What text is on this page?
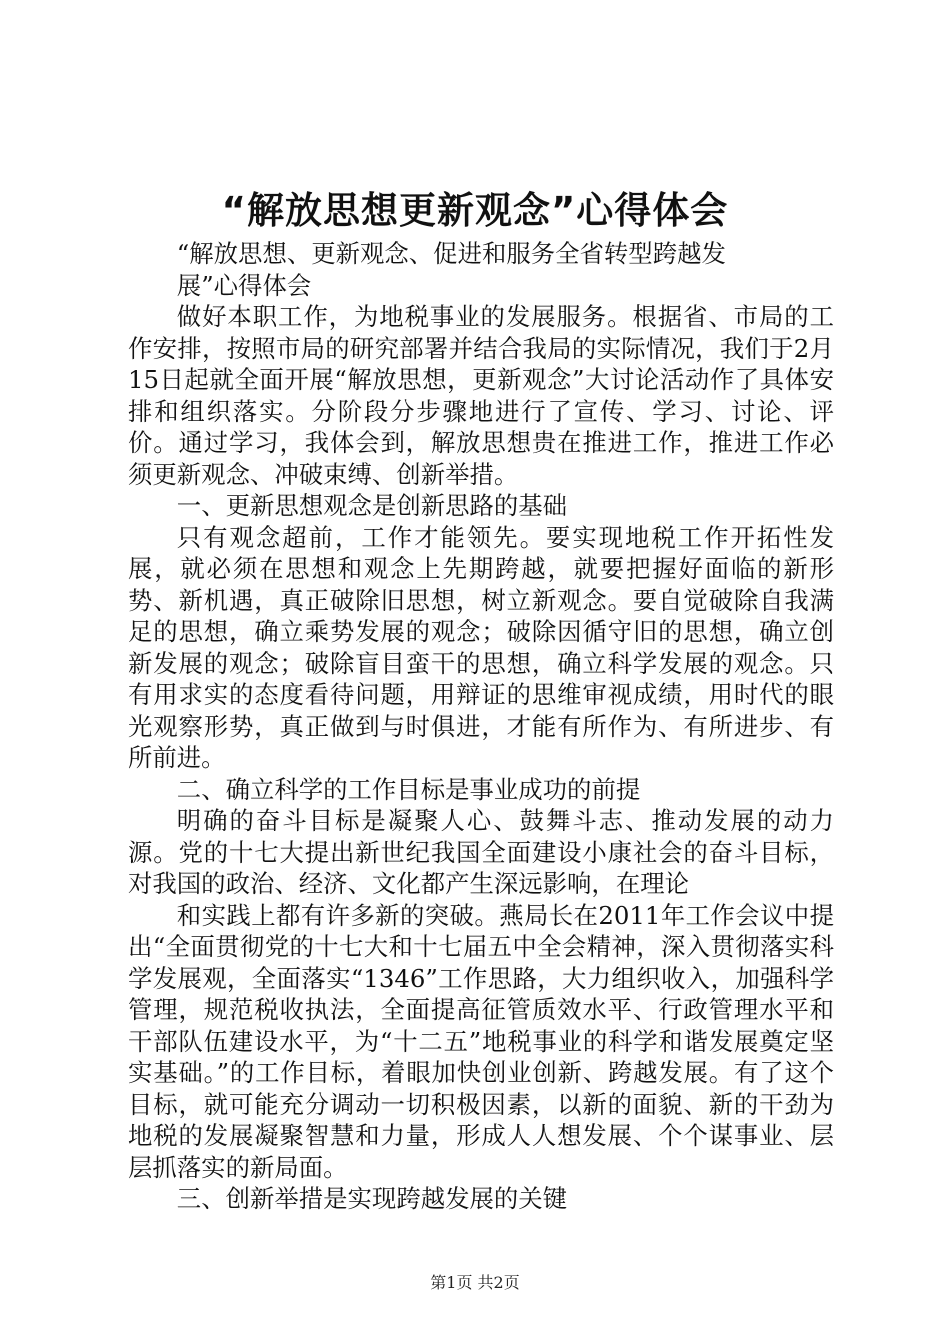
“解放思想更新观念”心得体会

“解放思想、更新观念、促进和服务全省转型跨越发展”心得体会

做好本职工作，为地税事业的发展服务。根据省、市局的工作安排，按照市局的研究部署并结合我局的实际情况，我们于2月15日起就全面开展“解放思想，更新观念”大讨论活动作了具体安排和组织落实。分阶段分步骤地进行了宣传、学习、讨论、评价。通过学习，我体会到，解放思想贵在推进工作，推进工作必须更新观念、冲破束缚、创新举措。

一、更新思想观念是创新思路的基础

只有观念超前，工作才能领先。要实现地税工作开拓性发展，就必须在思想和观念上先期跨越，就要把握好面临的新形势、新机遇，真正破除旧思想，树立新观念。要自觉破除自我满足的思想，确立乘势发展的观念；破除因循守旧的思想，确立创新发展的观念；破除盲目蛮干的思想，确立科学发展的观念。只有用求实的态度看待问题，用辩证的思维审视成绩，用时代的眼光观察形势，真正做到与时俱进，才能有所作为、有所进步、有所前进。

二、确立科学的工作目标是事业成功的前提

明确的奋斗目标是凝聚人心、鼓舞斗志、推动发展的动力源。党的十七大提出新世纪我国全面建设小康社会的奋斗目标，对我国的政治、经济、文化都产生深远影响，在理论

和实践上都有许多新的突破。燕局长在2011年工作会议中提出“全面贯彻党的十七大和十七届五中全会精神，深入贯彻落实科学发展观，全面落实“1346”工作思路，大力组织收入，加强科学管理，规范税收执法，全面提高征管质效水平、行政管理水平和干部队伍建设水平，为“十二五”地税事业的科学和谐发展奠定坚实基础。”的工作目标，着眼加快创业创新、跨越发展。有了这个目标，就可能充分调动一切积极因素，以新的面貌、新的干劲为地税的发展凝聚智慧和力量，形成人人想发展、个个谋事业、层层抓落实的新局面。

三、创新举措是实现跨越发展的关键

第1页 共2页
